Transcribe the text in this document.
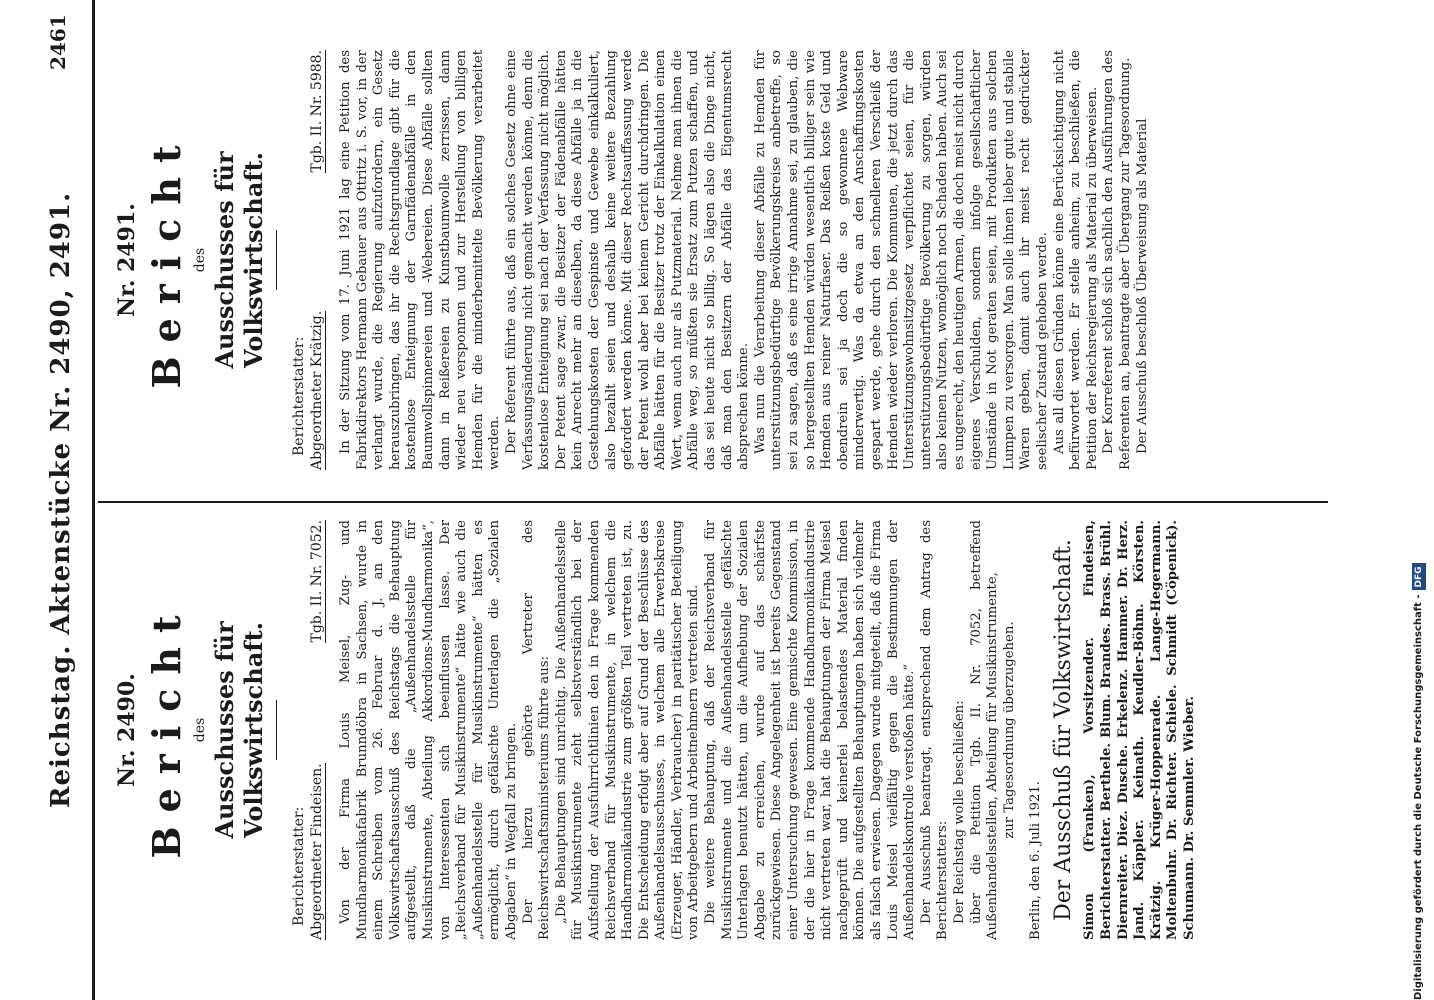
Reichstag. Aktenstücke Nr. 2490, 2491.
2461
Nr. 2490. Bericht des Ausschusses für Volkswirtschaft.
Berichterstatter: Abgeordneter Findeisen.
Tgb. II. Nr. 7052. Von der Firma Louis Meisel, Zug- und Mundharmonikafabrik Brunndöbra in Sachsen, wurde in einem Schreiben vom 26. Februar d. J. an den Volkswirtschaftsausschuß des Reichstags die Behauptung aufgestellt, daß die „Außenhandelsstelle für Musikinstrumente, Abteilung Akkordions-Mundharmonika“, von Interessenten sich beeinflussen lasse. Der „Reichsverband für Musikinstrumente“ hätte wie auch die „Außenhandelsstelle für Musikinstrumente“ hätten es ermöglicht, durch gefälschte Unterlagen die „Sozialen Abgaben“ in Wegfall zu bringen. Der hierzu gehörte Vertreter des Reichswirtschaftsministeriums führte aus: „Die Behauptungen sind unrichtig. Die Außenhandelsstelle für Musikinstrumente zieht selbstverständlich bei der Aufstellung der Ausfuhrrichtlinien den in Frage kommenden Reichsverband für Musikinstrumente, in welchem die Handharmonikaindustrie zum größten Teil vertreten ist, zu. Die Entscheidung erfolgt aber auf Grund der Beschlüsse des Außenhandelsausschusses, in welchem alle Erwerbskreise (Erzeuger, Händler, Verbraucher) in paritätischer Beteiligung von Arbeitgebern und Arbeitnehmern vertreten sind. Die weitere Behauptung, daß der Reichsverband für Musikinstrumente und die Außenhandelsstelle gefälschte Unterlagen benutzt hätten, um die Aufhebung der Sozialen Abgabe zu erreichen, wurde auf das schärfste zurückgewiesen. Diese Angelegenheit ist bereits Gegenstand einer Untersuchung gewesen. Eine gemischte Kommission, in der die hier in Frage kommende Handharmonikaindustrie nicht vertreten war, hat die Behauptungen der Firma Meisel nachgeprüft und keinerlei belastendes Material finden können. Die aufgestellten Behauptungen haben sich vielmehr als falsch erwiesen. Dagegen wurde mitgeteilt, daß die Firma Louis Meisel vielfältig gegen die Bestimmungen der Außenhandelskontrolle verstoßen hätte.“ Der Ausschuß beantragt, entsprechend dem Antrag des Berichterstatters: Der Reichstag wolle beschließen: über die Petition Tgb. II. Nr. 7052, betreffend Außenhandelsstellen, Abteilung für Musikinstrumente, zur Tagesordnung überzugehen.

Berlin, den 6. Juli 1921. Der Ausschuß für Volkswirtschaft. Simon (Franken), Vorsitzender. Findeisen, Berichterstatter. Berthele. Blum. Brandes. Brass. Brühl. Diernreiter. Diez. Dusche. Erkelenz. Hammer. Dr. Herz. Jand. Käppler. Keinath. Keudler-Böhm. Körsten. Krätzig. Krüger-Hoppenrade. Lange-Hegermann. Moltenbuhr. Dr. Richter. Schiele. Schmidt (Cöpenick). Schumann. Dr. Semmler. Wieber.

Nr. 2491. Bericht des Ausschusses für Volkswirtschaft.
Berichterstatter: Abgeordneter Krätzig.
Tgb. II. Nr. 5988. In der Sitzung vom 17. Juni 1921 lag eine Petition des Fabrikdirektors Hermann Gebauer aus Ottritz i. S. vor, in der verlangt wurde, die Regierung aufzufordern, ein Gesetz herauszubringen, das ihr die Rechtsgrundlage gibt für die kostenlose Enteignung der Garnfädenabfälle in den Baumwollspinnereien und -Webereien. Diese Abfälle sollten dann in Reißereien zu Kunstbaumwolle zerrissen, dann wieder neu versponnen und zur Herstellung von billigen Hemden für die minderbemittelte Bevölkerung verarbeitet werden. Der Referent führte aus, daß ein solches Gesetz ohne eine Verfassungsänderung nicht gemacht werden könne, denn die kostenlose Enteignung sei nach der Verfassung nicht möglich. Der Petent sage zwar, die Besitzer der Fädenabfälle hätten kein Anrecht mehr an dieselben, da diese Abfälle ja in die Gestehungskosten der Gespinste und Gewebe einkalkuliert, also bezahlt seien und deshalb keine weitere Bezahlung gefordert werden könne. Mit dieser Rechtsauffassung werde der Petent wohl aber bei keinem Gericht durchdringen. Die Abfälle hätten für die Besitzer trotz der Einkalkulation einen Wert, wenn auch nur als Putzmaterial. Nehme man ihnen die Abfälle weg, so müßten sie Ersatz zum Putzen schaffen, und das sei heute nicht so billig. So lägen also die Dinge nicht, daß man den Besitzern der Abfälle das Eigentumsrecht absprechen könne. Was nun die Verarbeitung dieser Abfälle zu Hemden für unterstützungsbedürftige Bevölkerungskreise anbetreffe, so sei zu sagen, daß es eine irrige Annahme sei, zu glauben, die so hergestellten Hemden würden wesentlich billiger sein wie Hemden aus reiner Naturfaser. Das Reißen koste Geld und obendrein sei ja doch die so gewonnene Webware minderwertig. Was da etwa an den Anschaffungskosten gespart werde, gehe durch den schnelleren Verschleiß der Hemden wieder verloren. Die Kommunen, die jetzt durch das Unterstützungswohnsitzgesetz verpflichtet seien, für die unterstützungsbedürftige Bevölkerung zu sorgen, würden also keinen Nutzen, womöglich noch Schaden haben. Auch sei es ungerecht, den heutigen Armen, die doch meist nicht durch eigenes Verschulden, sondern infolge gesellschaftlicher Umstände in Not geraten seien, mit Produkten aus solchen Lumpen zu versorgen. Man solle ihnen lieber gute und stabile Waren geben, damit auch ihr meist recht gedrückter seelischer Zustand gehoben werde. Aus all diesen Gründen könne eine Berücksichtigung nicht befürwortet werden. Er stelle anheim, zu beschließen, die Petition der Reichsregierung als Material zu überweisen. Der Korreferent schloß sich sachlich den Ausführungen des Referenten an, beantragte aber Übergang zur Tagesordnung. Der Ausschuß beschloß Überweisung als Material

Digitalisierung gefördert durch die Deutsche Forschungsgemeinschaft -DFG
